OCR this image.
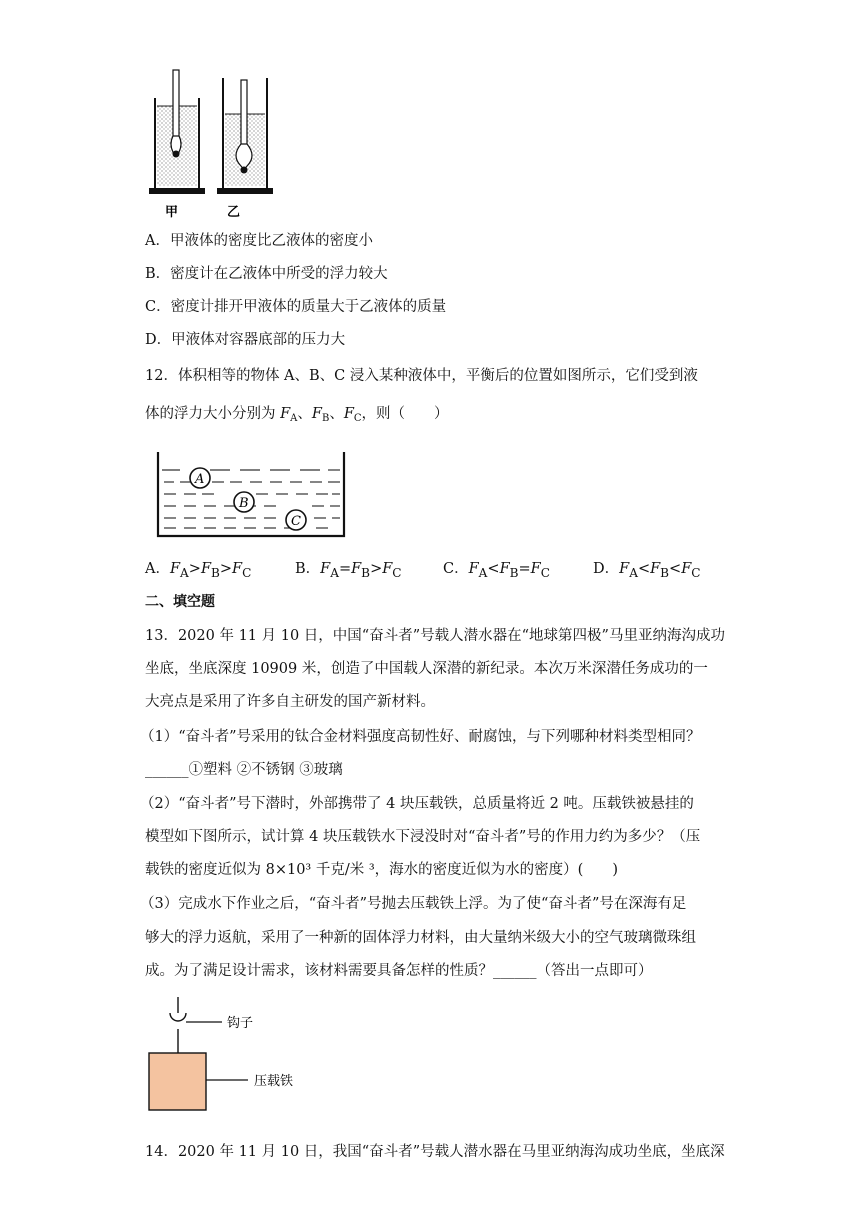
甲	乙
A．甲液体的密度比乙液体的密度小
B．密度计在乙液体中所受的浮力较大
C．密度计排开甲液体的质量大于乙液体的质量
D．甲液体对容器底部的压力大
12．体积相等的物体 A、B、C 浸入某种液体中，平衡后的位置如图所示，它们受到液
体的浮力大小分别为 $F_A$、$F_B$、$F_C$，则（　　）
A
B
C
A．$F_A>F_B>F_C$	B．$F_A=F_B>F_C$	C．$F_A<F_B=F_C$	D．$F_A<F_B<F_C$
二、填空题
13．2020 年 11 月 10 日，中国“奋斗者”号载人潜水器在“地球第四极”马里亚纳海沟成功
坐底，坐底深度 10909 米，创造了中国载人深潜的新纪录。本次万米深潜任务成功的一
大亮点是采用了许多自主研发的国产新材料。
（1）“奋斗者”号采用的钛合金材料强度高韧性好、耐腐蚀，与下列哪种材料类型相同？
______①塑料 ②不锈钢 ③玻璃
（2）“奋斗者”号下潜时，外部携带了 4 块压载铁，总质量将近 2 吨。压载铁被悬挂的
模型如下图所示，试计算 4 块压载铁水下浸没时对“奋斗者”号的作用力约为多少？（压
载铁的密度近似为 8×10³ 千克/米 ³，海水的密度近似为水的密度）(　　)
（3）完成水下作业之后，“奋斗者”号抛去压载铁上浮。为了使“奋斗者”号在深海有足
够大的浮力返航，采用了一种新的固体浮力材料，由大量纳米级大小的空气玻璃微珠组
成。为了满足设计需求，该材料需要具备怎样的性质？______（答出一点即可）
钩子
压载铁
14．2020 年 11 月 10 日，我国“奋斗者”号载人潜水器在马里亚纳海沟成功坐底，坐底深
